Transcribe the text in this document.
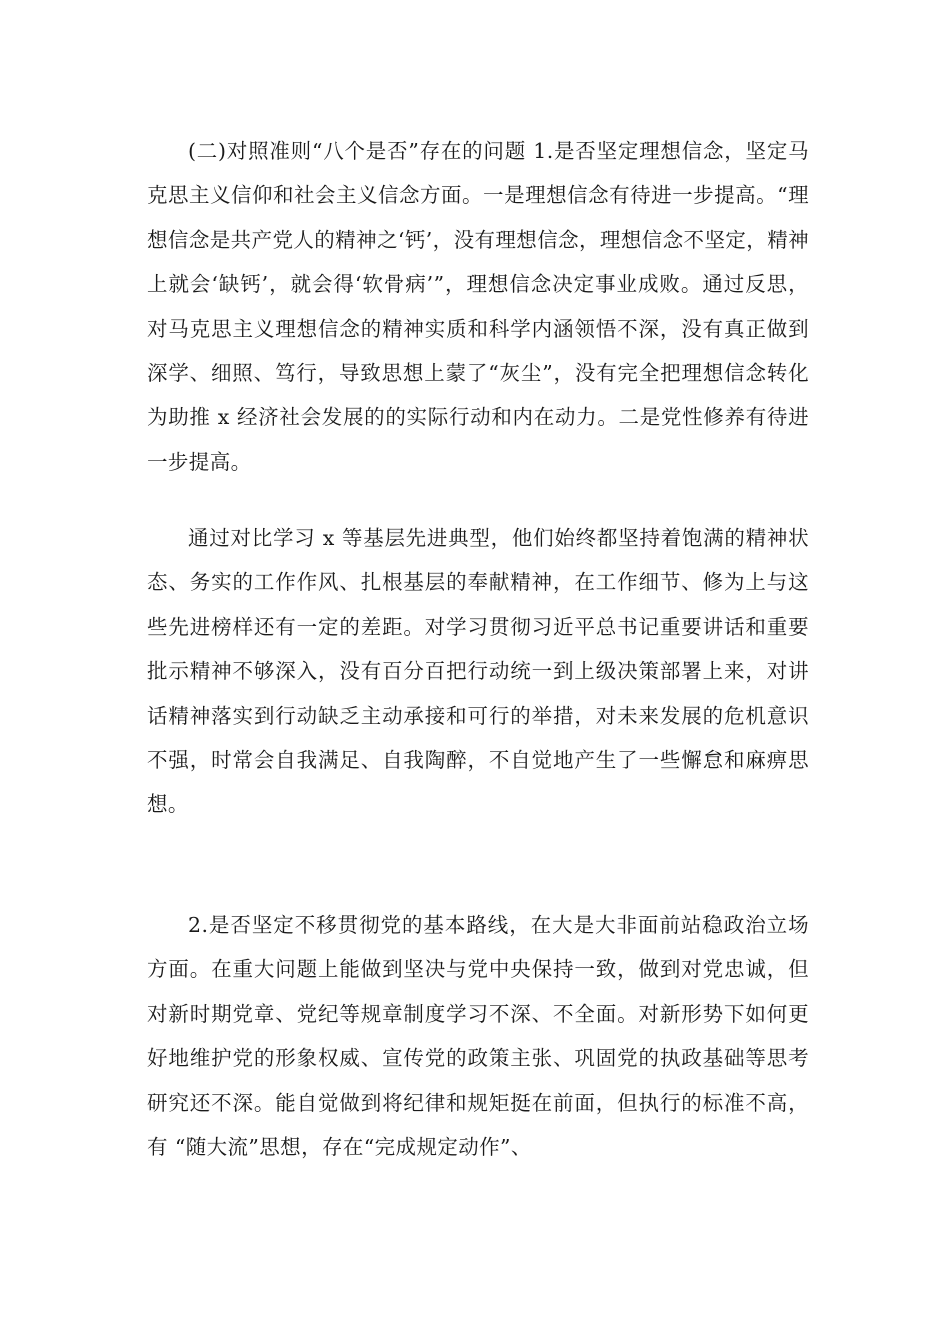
(二)对照准则“八个是否”存在的问题 1.是否坚定理想信念，坚定马克思主义信仰和社会主义信念方面。一是理想信念有待进一步提高。“理想信念是共产党人的精神之‘钙’，没有理想信念，理想信念不坚定，精神上就会‘缺钙’，就会得‘软骨病’”，理想信念决定事业成败。通过反思，对马克思主义理想信念的精神实质和科学内涵领悟不深，没有真正做到深学、细照、笃行，导致思想上蒙了“灰尘”，没有完全把理想信念转化为助推 x 经济社会发展的的实际行动和内在动力。二是党性修养有待进一步提高。

通过对比学习 x 等基层先进典型，他们始终都坚持着饱满的精神状态、务实的工作作风、扎根基层的奉献精神，在工作细节、修为上与这些先进榜样还有一定的差距。对学习贯彻习近平总书记重要讲话和重要批示精神不够深入，没有百分百把行动统一到上级决策部署上来，对讲话精神落实到行动缺乏主动承接和可行的举措，对未来发展的危机意识不强，时常会自我满足、自我陶醉，不自觉地产生了一些懈怠和麻痹思想。

2.是否坚定不移贯彻党的基本路线，在大是大非面前站稳政治立场方面。在重大问题上能做到坚决与党中央保持一致，做到对党忠诚，但对新时期党章、党纪等规章制度学习不深、不全面。对新形势下如何更好地维护党的形象权威、宣传党的政策主张、巩固党的执政基础等思考研究还不深。能自觉做到将纪律和规矩挺在前面，但执行的标准不高，有 “随大流”思想，存在“完成规定动作”、
